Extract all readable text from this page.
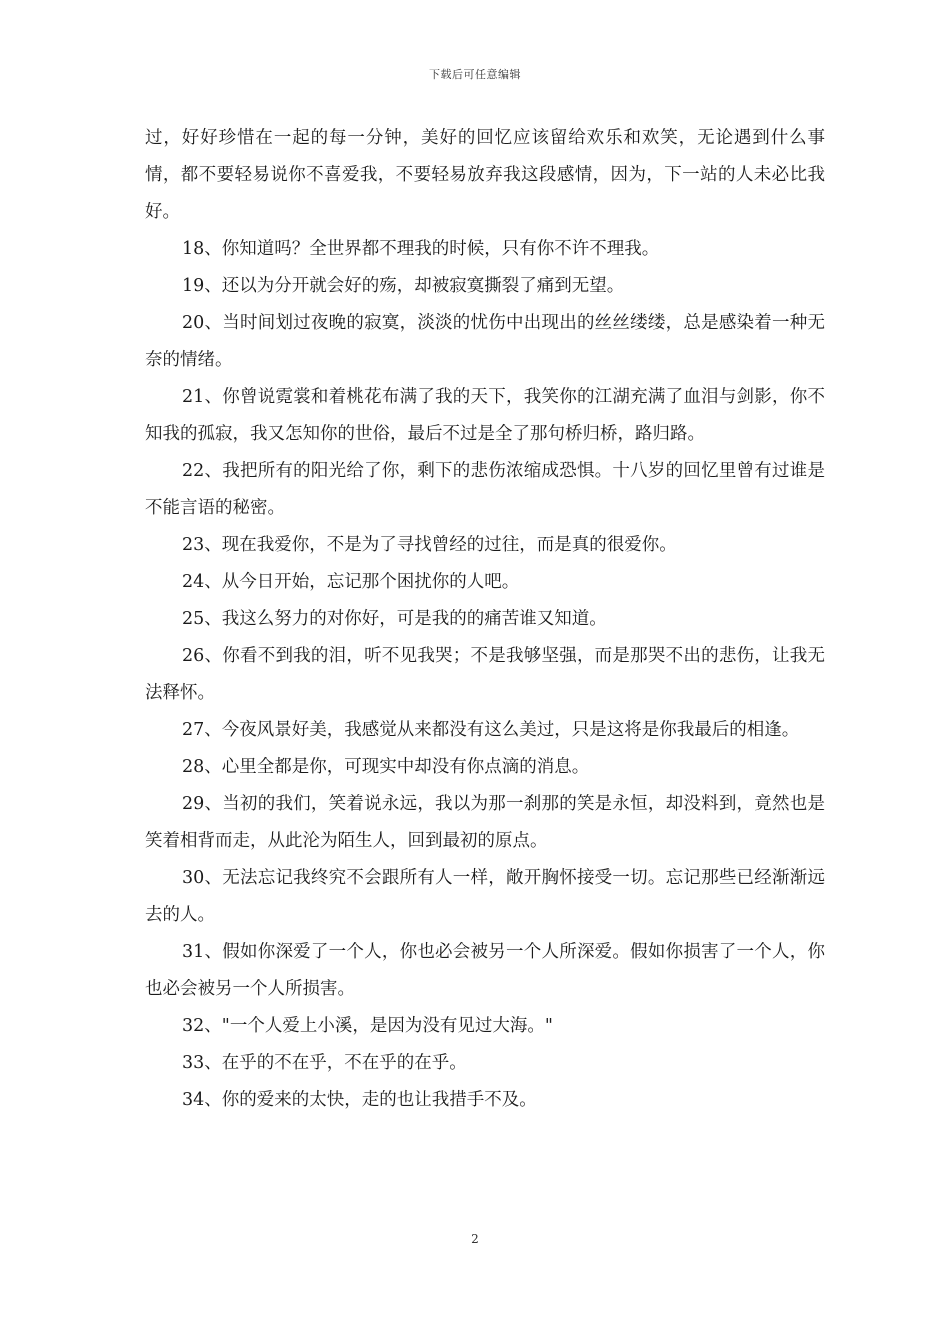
下载后可任意编辑

过，好好珍惜在一起的每一分钟，美好的回忆应该留给欢乐和欢笑，无论遇到什么事情，都不要轻易说你不喜爱我，不要轻易放弃我这段感情，因为，下一站的人未必比我好。

18、你知道吗？全世界都不理我的时候，只有你不许不理我。

19、还以为分开就会好的殇，却被寂寞撕裂了痛到无望。

20、当时间划过夜晚的寂寞，淡淡的忧伤中出现出的丝丝缕缕，总是感染着一种无奈的情绪。

21、你曾说霓裳和着桃花布满了我的天下，我笑你的江湖充满了血泪与剑影，你不知我的孤寂，我又怎知你的世俗，最后不过是全了那句桥归桥，路归路。

22、我把所有的阳光给了你，剩下的悲伤浓缩成恐惧。十八岁的回忆里曾有过谁是不能言语的秘密。

23、现在我爱你，不是为了寻找曾经的过往，而是真的很爱你。

24、从今日开始，忘记那个困扰你的人吧。

25、我这么努力的对你好，可是我的的痛苦谁又知道。

26、你看不到我的泪，听不见我哭；不是我够坚强，而是那哭不出的悲伤，让我无法释怀。

27、今夜风景好美，我感觉从来都没有这么美过，只是这将是你我最后的相逢。

28、心里全都是你，可现实中却没有你点滴的消息。

29、当初的我们，笑着说永远，我以为那一刹那的笑是永恒，却没料到，竟然也是笑着相背而走，从此沦为陌生人，回到最初的原点。

30、无法忘记我终究不会跟所有人一样，敞开胸怀接受一切。忘记那些已经渐渐远去的人。

31、假如你深爱了一个人，你也必会被另一个人所深爱。假如你损害了一个人，你也必会被另一个人所损害。

32、"一个人爱上小溪，是因为没有见过大海。"

33、在乎的不在乎，不在乎的在乎。

34、你的爱来的太快，走的也让我措手不及。

2
